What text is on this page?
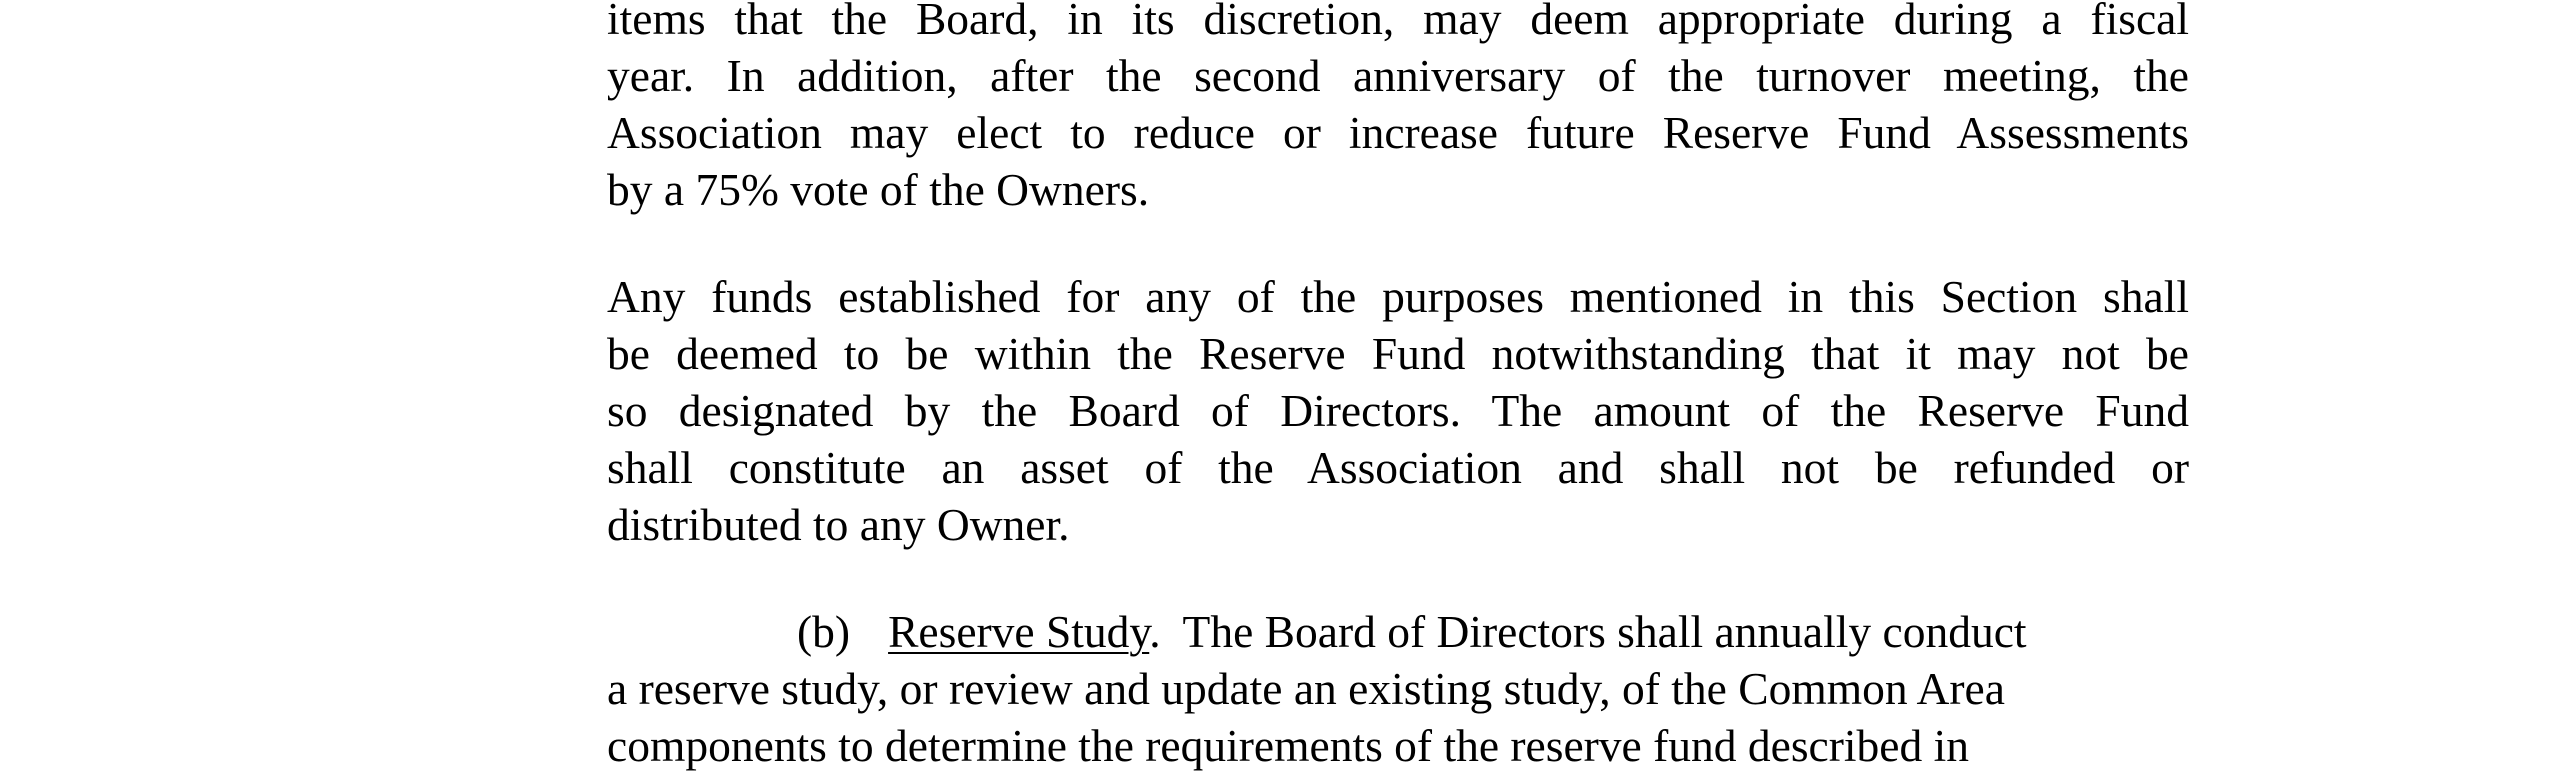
items that the Board, in its discretion, may deem appropriate during a fiscal
year. In addition, after the second anniversary of the turnover meeting, the
Association may elect to reduce or increase future Reserve Fund Assessments
by a 75% vote of the Owners.
Any funds established for any of the purposes mentioned in this Section shall
be deemed to be within the Reserve Fund notwithstanding that it may not be
so designated by the Board of Directors. The amount of the Reserve Fund
shall constitute an asset of the Association and shall not be refunded or
distributed to any Owner.
(b) Reserve Study.  The Board of Directors shall annually conduct
a reserve study, or review and update an existing study, of the Common Area
components to determine the requirements of the reserve fund described in
